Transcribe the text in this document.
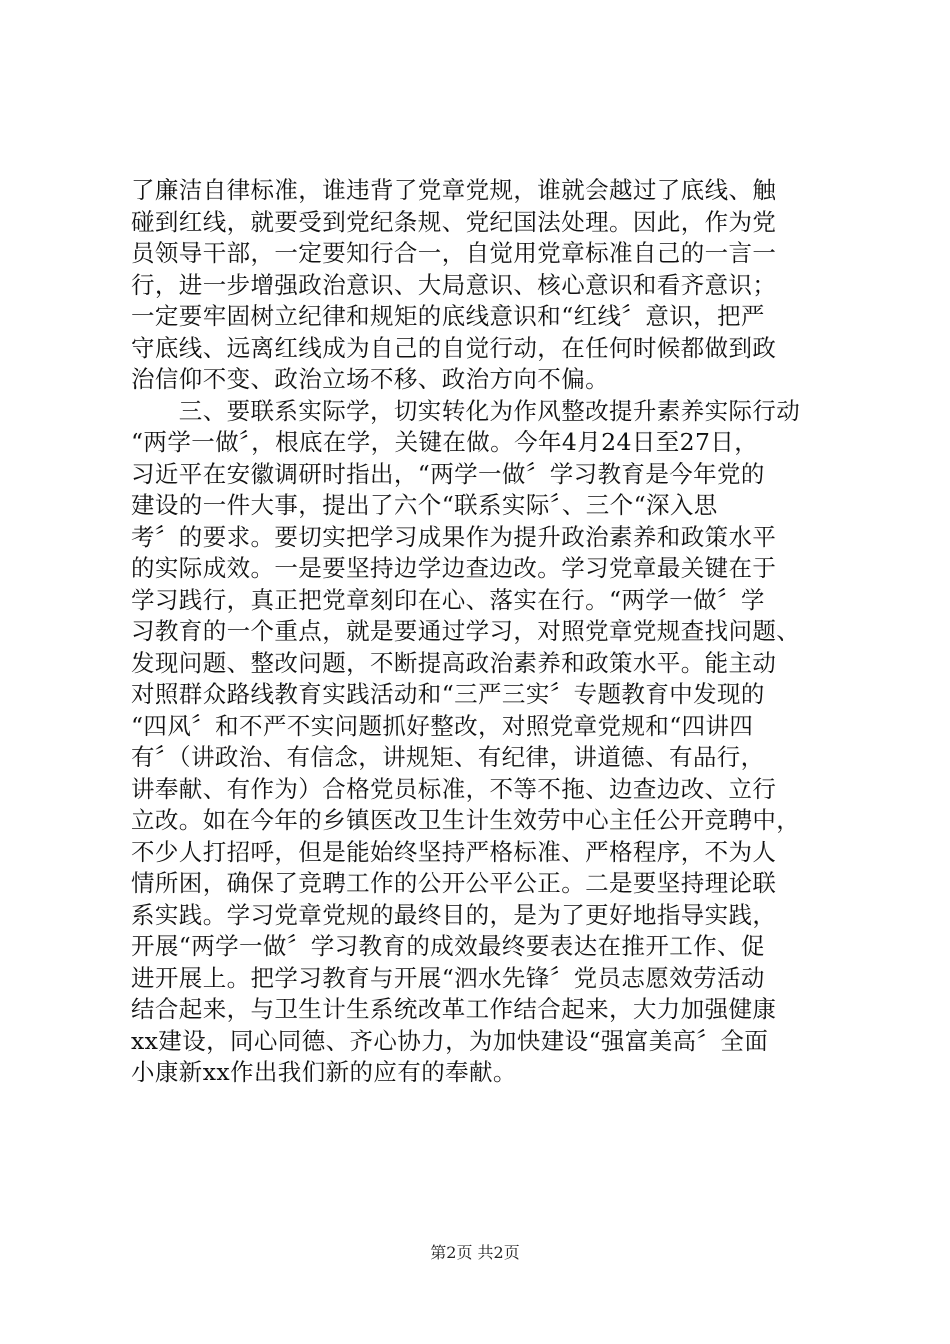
了廉洁自律标准，谁违背了党章党规，谁就会越过了底线、触
碰到红线，就要受到党纪条规、党纪国法处理。因此，作为党
员领导干部，一定要知行合一，自觉用党章标准自己的一言一
行，进一步增强政治意识、大局意识、核心意识和看齐意识；
一定要牢固树立纪律和规矩的底线意识和“红线〞意识，把严
守底线、远离红线成为自己的自觉行动，在任何时候都做到政
治信仰不变、政治立场不移、政治方向不偏。
　　三、要联系实际学，切实转化为作风整改提升素养实际行动
“两学一做〞，根底在学，关键在做。今年4月24日至27日，
习近平在安徽调研时指出，“两学一做〞学习教育是今年党的
建设的一件大事，提出了六个“联系实际〞、三个“深入思
考〞的要求。要切实把学习成果作为提升政治素养和政策水平
的实际成效。一是要坚持边学边查边改。学习党章最关键在于
学习践行，真正把党章刻印在心、落实在行。“两学一做〞学
习教育的一个重点，就是要通过学习，对照党章党规查找问题、
发现问题、整改问题，不断提高政治素养和政策水平。能主动
对照群众路线教育实践活动和“三严三实〞专题教育中发现的
“四风〞和不严不实问题抓好整改，对照党章党规和“四讲四
有〞（讲政治、有信念，讲规矩、有纪律，讲道德、有品行，
讲奉献、有作为）合格党员标准，不等不拖、边查边改、立行
立改。如在今年的乡镇医改卫生计生效劳中心主任公开竞聘中，
不少人打招呼，但是能始终坚持严格标准、严格程序，不为人
情所困，确保了竞聘工作的公开公平公正。二是要坚持理论联
系实践。学习党章党规的最终目的，是为了更好地指导实践，
开展“两学一做〞学习教育的成效最终要表达在推开工作、促
进开展上。把学习教育与开展“泗水先锋〞党员志愿效劳活动
结合起来，与卫生计生系统改革工作结合起来，大力加强健康
xx建设，同心同德、齐心协力，为加快建设“强富美高〞全面
小康新xx作出我们新的应有的奉献。
第2页 共2页
